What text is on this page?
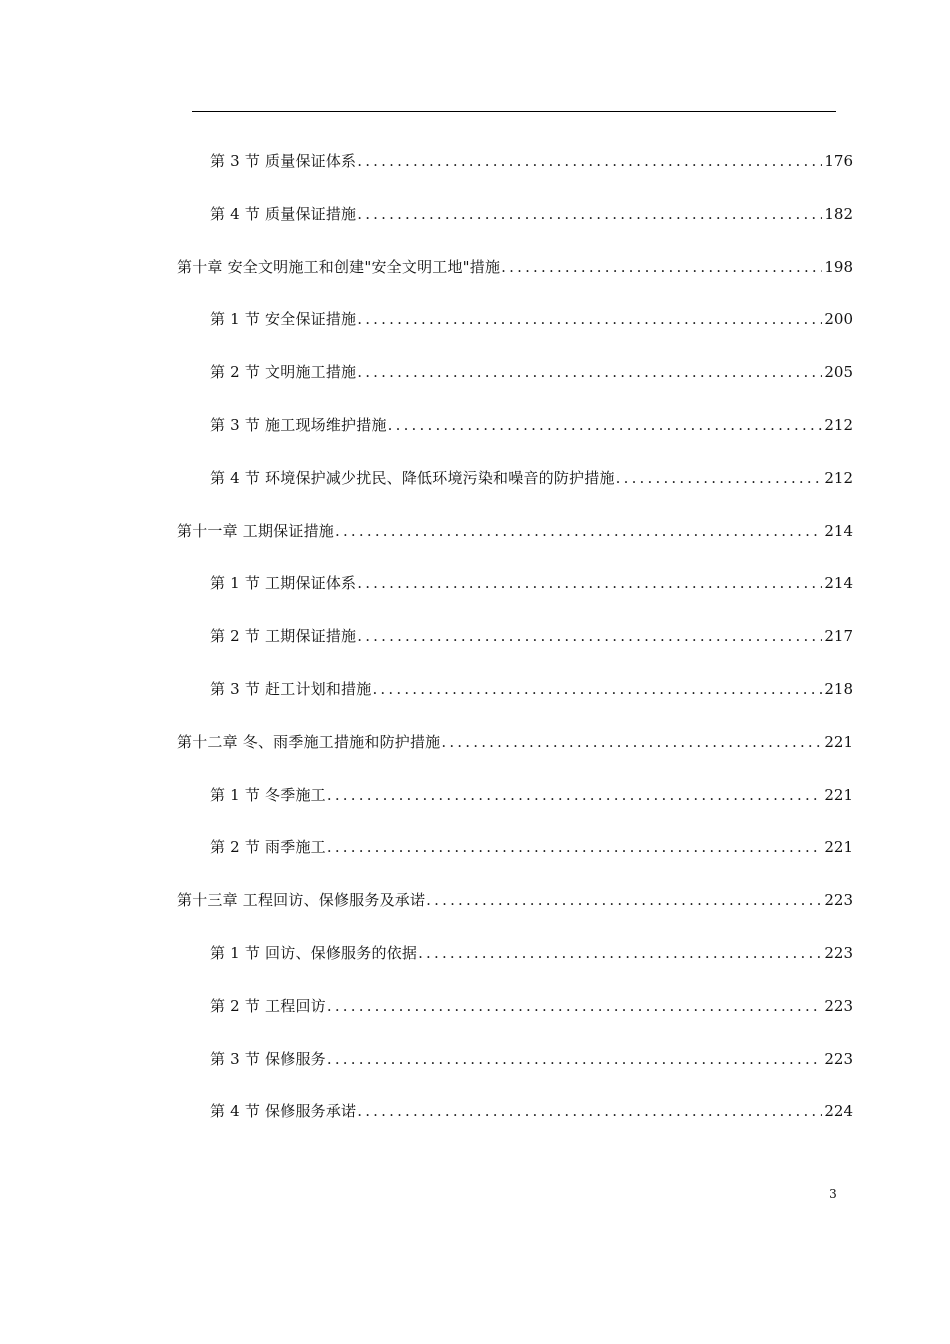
第 3 节 质量保证体系 .....	176
第 4 节 质量保证措施 .....	182
第十章 安全文明施工和创建"安全文明工地"措施 .....	198
第 1 节 安全保证措施 .....	200
第 2 节 文明施工措施 .....	205
第 3 节 施工现场维护措施 .....	212
第 4 节 环境保护减少扰民、降低环境污染和噪音的防护措施 .....	212
第十一章 工期保证措施 .....	214
第 1 节 工期保证体系 .....	214
第 2 节 工期保证措施 .....	217
第 3 节 赶工计划和措施 .....	218
第十二章 冬、雨季施工措施和防护措施 .....	221
第 1 节 冬季施工 .....	221
第 2 节 雨季施工 .....	221
第十三章 工程回访、保修服务及承诺 .....	223
第 1 节 回访、保修服务的依据 .....	223
第 2 节 工程回访 .....	223
第 3 节 保修服务 .....	223
第 4 节 保修服务承诺 .....	224
3
